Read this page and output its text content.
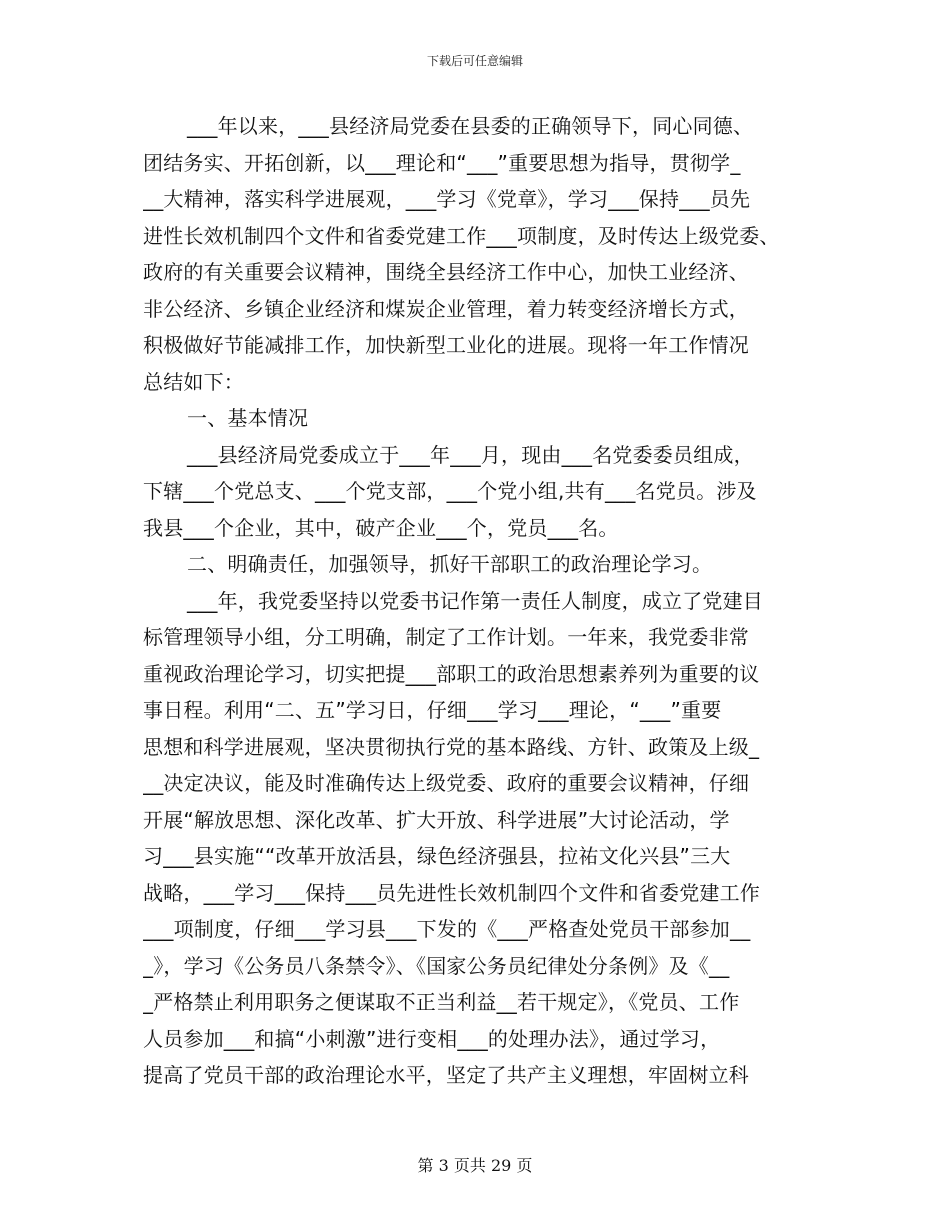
下载后可任意编辑
___年以来，___县经济局党委在县委的正确领导下，同心同德、
团结务实、开拓创新，以___理论和“___”重要思想为指导，贯彻学_
__大精神，落实科学进展观，___学习《党章》，学习___保持___员先
进性长效机制四个文件和省委党建工作___项制度，及时传达上级党委、
政府的有关重要会议精神，围绕全县经济工作中心，加快工业经济、
非公经济、乡镇企业经济和煤炭企业管理，着力转变经济增长方式，
积极做好节能减排工作，加快新型工业化的进展。现将一年工作情况
总结如下：
一、基本情况
___县经济局党委成立于___年___月，现由___名党委委员组成，
下辖___个党总支、___个党支部，___个党小组,共有___名党员。涉及
我县___个企业，其中，破产企业___个，党员___名。
二、明确责任，加强领导，抓好干部职工的政治理论学习。
___年，我党委坚持以党委书记作第一责任人制度，成立了党建目
标管理领导小组，分工明确，制定了工作计划。一年来，我党委非常
重视政治理论学习，切实把提___部职工的政治思想素养列为重要的议
事日程。利用“二、五”学习日，仔细___学习___理论，“___”重要
思想和科学进展观，坚决贯彻执行党的基本路线、方针、政策及上级_
__决定决议，能及时准确传达上级党委、政府的重要会议精神，仔细
开展“解放思想、深化改革、扩大开放、科学进展”大讨论活动，学
习___县实施““改革开放活县，绿色经济强县，拉祐文化兴县”三大
战略，___学习___保持___员先进性长效机制四个文件和省委党建工作
___项制度，仔细___学习县___下发的《___严格查处党员干部参加__
_》，学习《公务员八条禁令》、《国家公务员纪律处分条例》及《__
_严格禁止利用职务之便谋取不正当利益__若干规定》，《党员、工作
人员参加___和搞“小刺激”进行变相___的处理办法》，通过学习，
提高了党员干部的政治理论水平，坚定了共产主义理想，牢固树立科
第 3 页共 29 页
